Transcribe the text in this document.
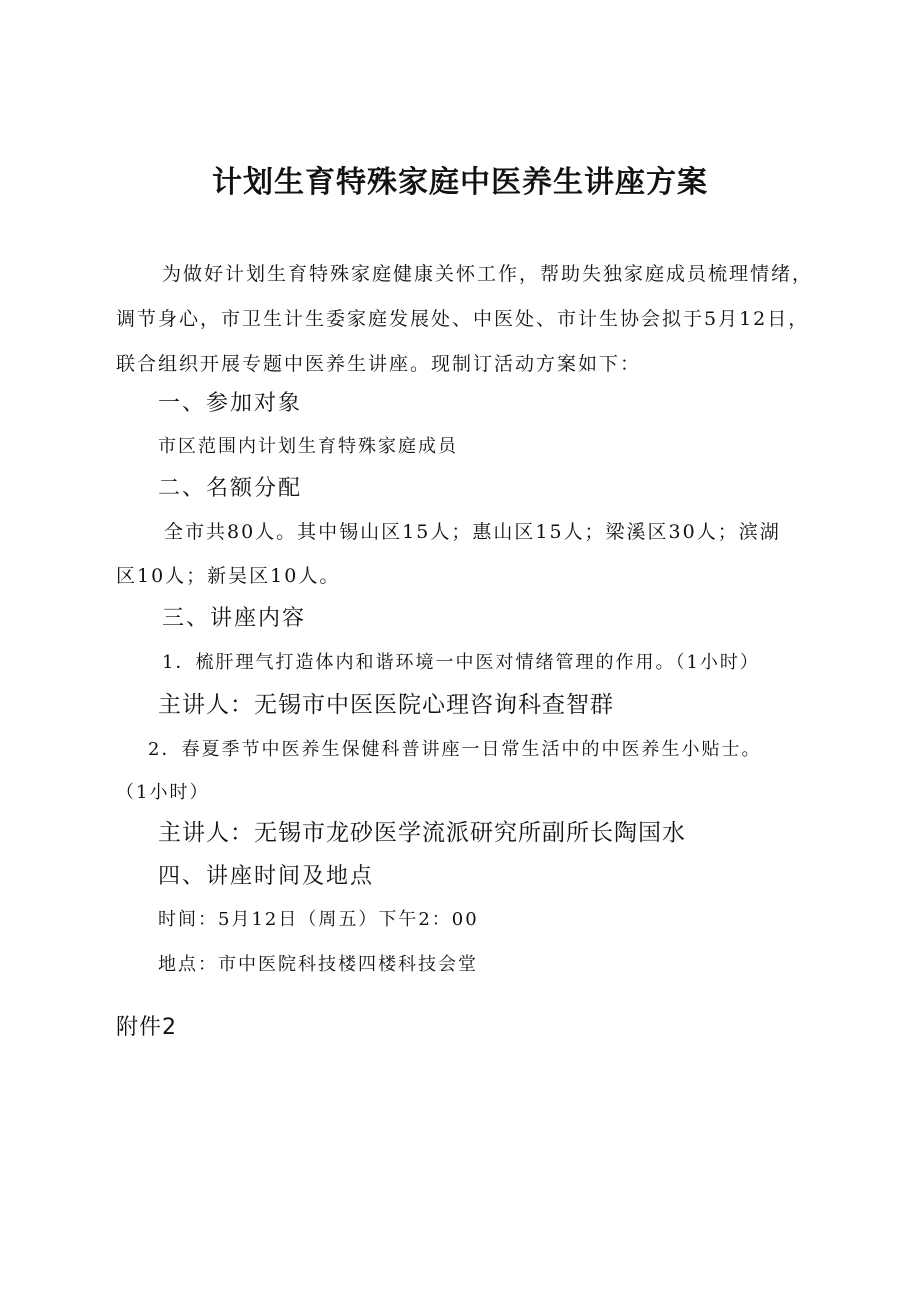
计划生育特殊家庭中医养生讲座方案
为做好计划生育特殊家庭健康关怀工作，帮助失独家庭成员梳理情绪，
调节身心，市卫生计生委家庭发展处、中医处、市计生协会拟于5月12日，
联合组织开展专题中医养生讲座。现制订活动方案如下：
一、参加对象
市区范围内计划生育特殊家庭成员
二、名额分配
全市共80人。其中锡山区15人；惠山区15人；梁溪区30人；滨湖
区10人；新吴区10人。
三、讲座内容
1．梳肝理气打造体内和谐环境一中医对情绪管理的作用。（1小时）
主讲人：无锡市中医医院心理咨询科查智群
2．春夏季节中医养生保健科普讲座一日常生活中的中医养生小贴士。
（1小时）
主讲人：无锡市龙砂医学流派研究所副所长陶国水
四、讲座时间及地点
时间：5月12日（周五）下午2：00
地点：市中医院科技楼四楼科技会堂
附件2
